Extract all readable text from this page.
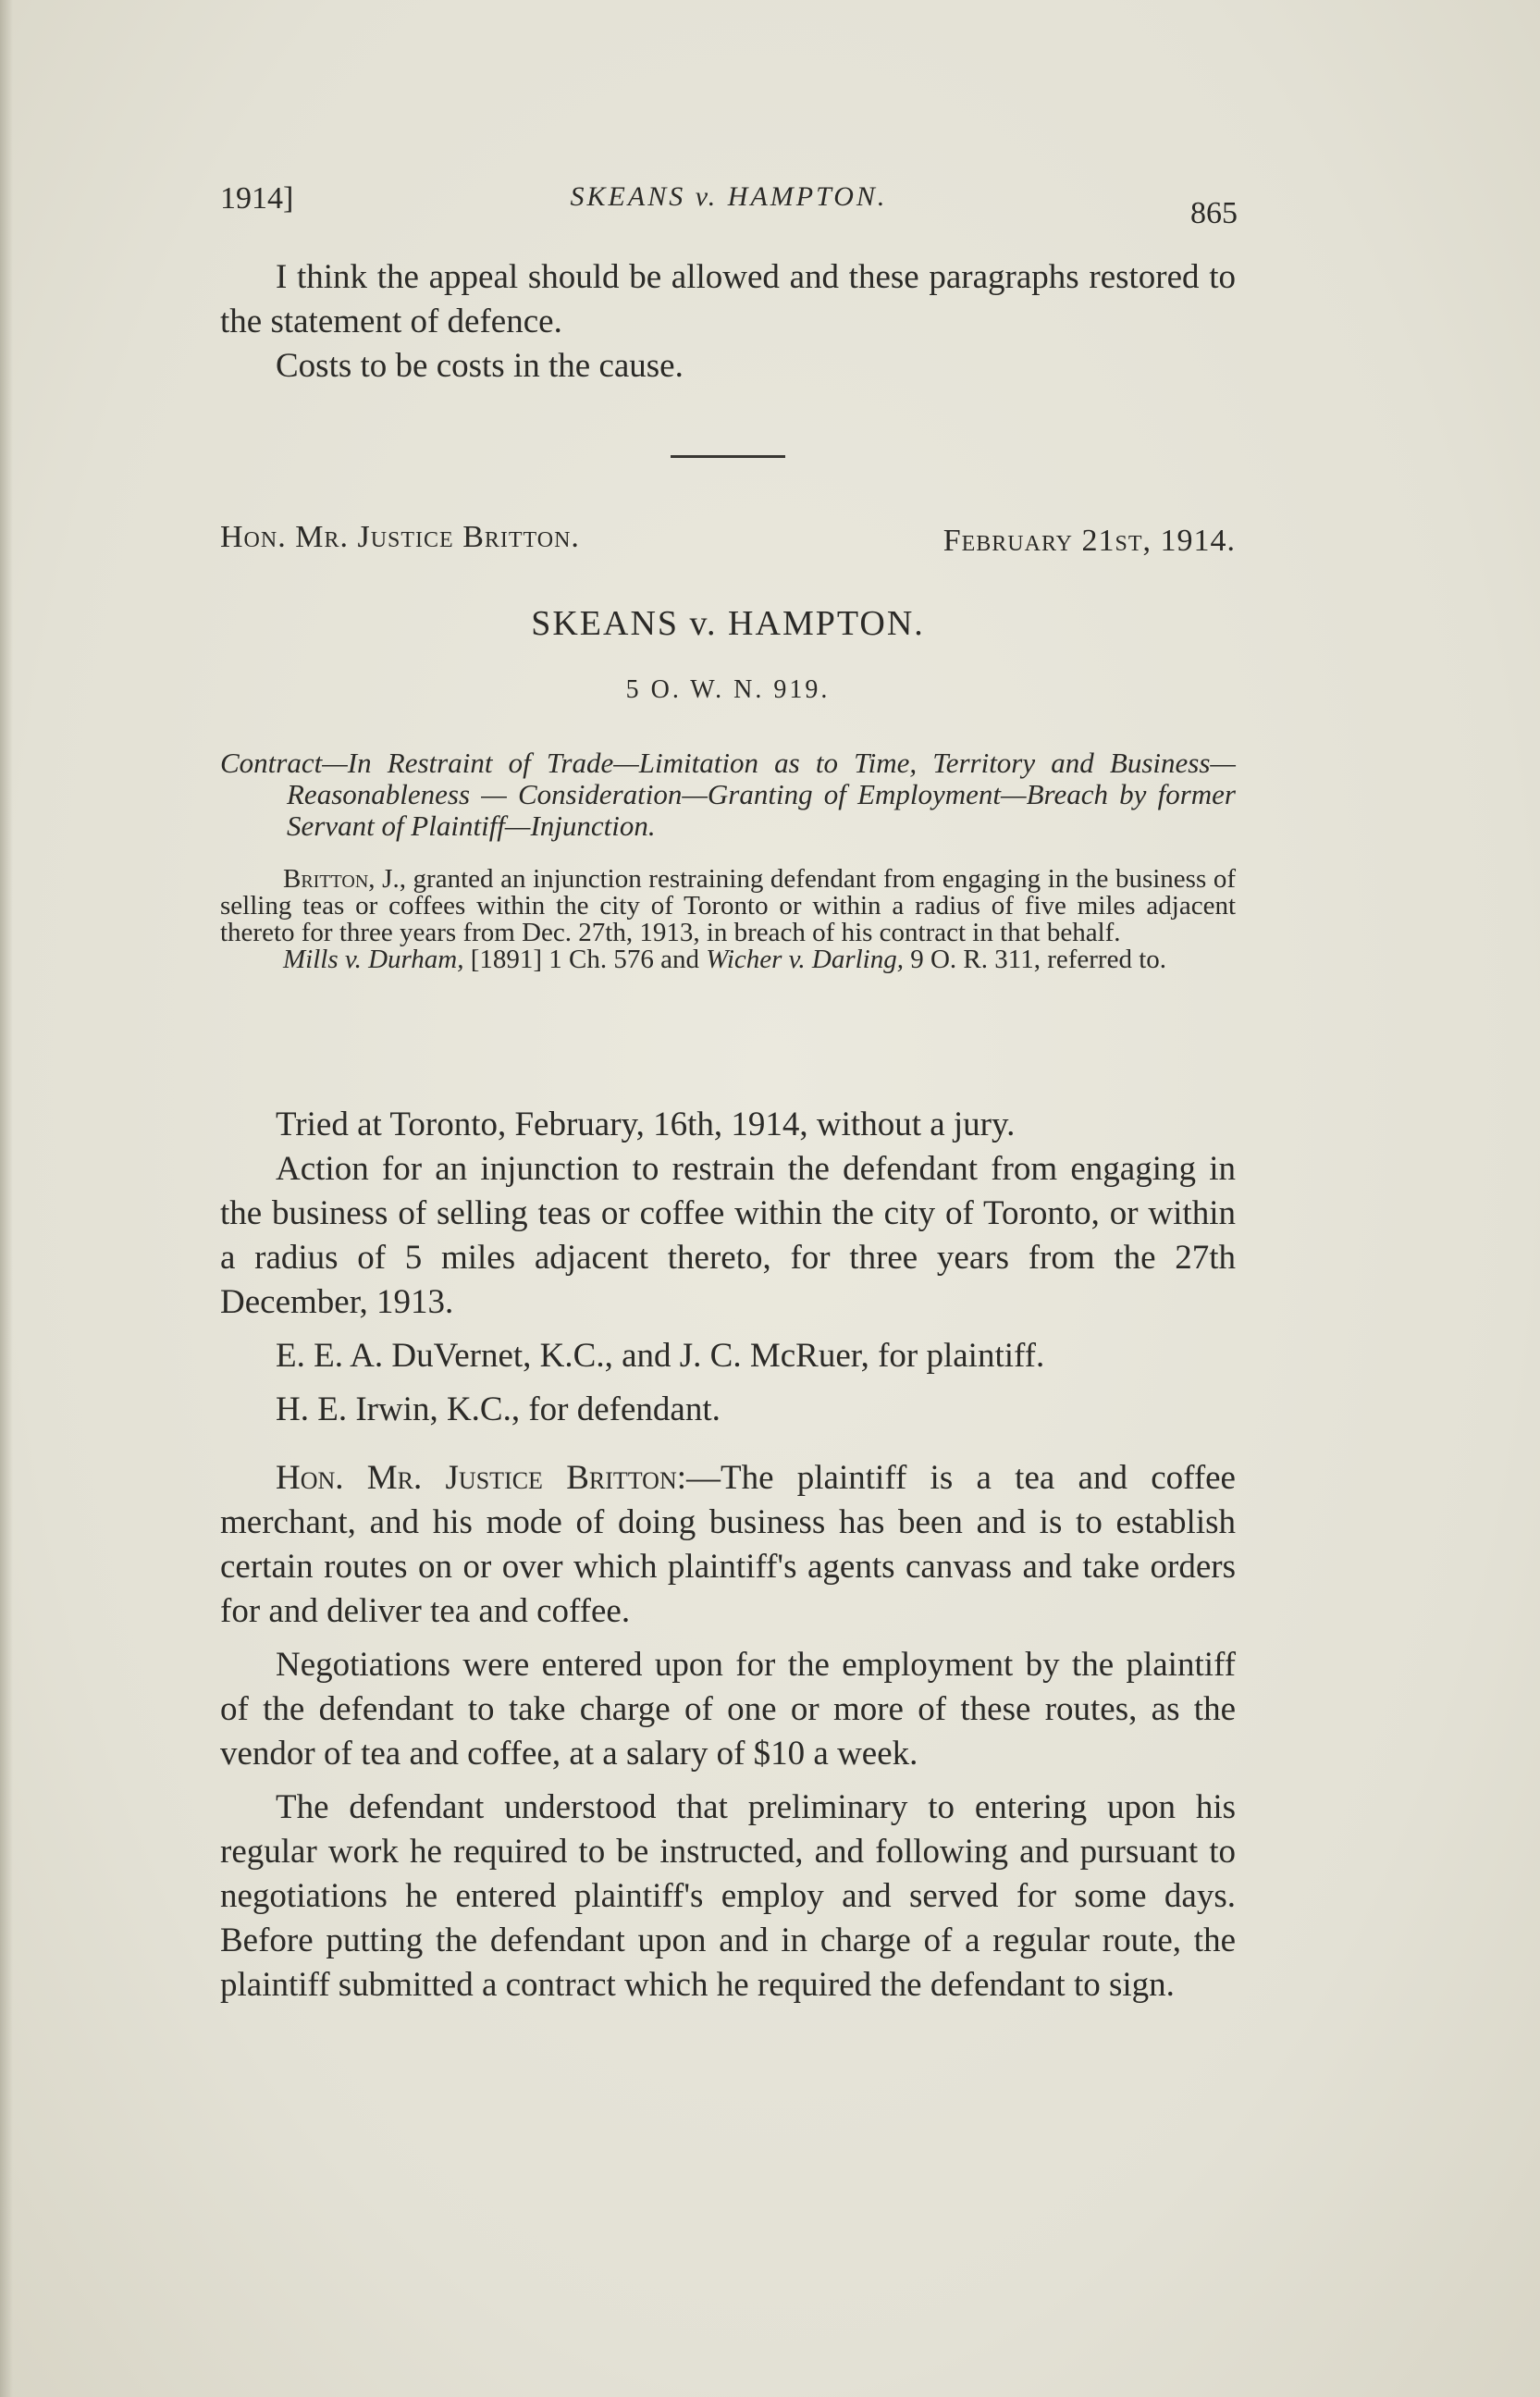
1914]	SKEANS v. HAMPTON.	865

I think the appeal should be allowed and these paragraphs restored to the statement of defence.

Costs to be costs in the cause.

Hon. Mr. Justice Britton.	February 21st, 1914.
SKEANS v. HAMPTON.
5 O. W. N. 919.

Contract—In Restraint of Trade—Limitation as to Time, Territory and Business—Reasonableness — Consideration—Granting of Employment—Breach by former Servant of Plaintiff—Injunction.

Britton, J., granted an injunction restraining defendant from engaging in the business of selling teas or coffees within the city of Toronto or within a radius of five miles adjacent thereto for three years from Dec. 27th, 1913, in breach of his contract in that behalf.

Mills v. Durham, [1891] 1 Ch. 576 and Wicher v. Darling, 9 O. R. 311, referred to.

Tried at Toronto, February, 16th, 1914, without a jury.

Action for an injunction to restrain the defendant from engaging in the business of selling teas or coffee within the city of Toronto, or within a radius of 5 miles adjacent thereto, for three years from the 27th December, 1913.

E. E. A. DuVernet, K.C., and J. C. McRuer, for plaintiff.

H. E. Irwin, K.C., for defendant.

Hon. Mr. Justice Britton:—The plaintiff is a tea and coffee merchant, and his mode of doing business has been and is to establish certain routes on or over which plaintiff's agents canvass and take orders for and deliver tea and coffee.

Negotiations were entered upon for the employment by the plaintiff of the defendant to take charge of one or more of these routes, as the vendor of tea and coffee, at a salary of $10 a week.

The defendant understood that preliminary to entering upon his regular work he required to be instructed, and following and pursuant to negotiations he entered plaintiff's employ and served for some days. Before putting the defendant upon and in charge of a regular route, the plaintiff submitted a contract which he required the defendant to sign.
